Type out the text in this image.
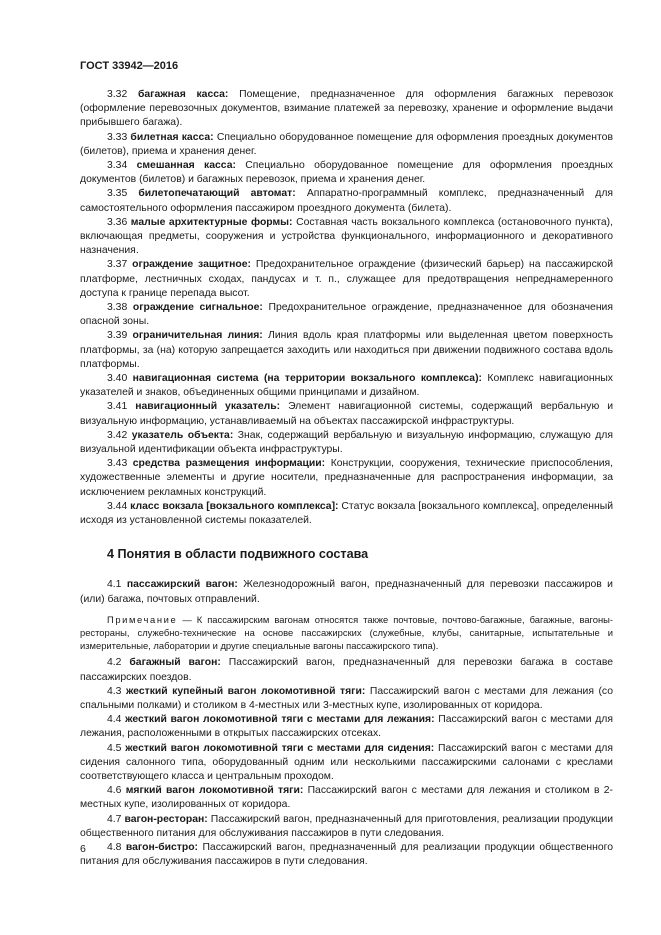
ГОСТ 33942—2016

3.32 багажная касса: Помещение, предназначенное для оформления багажных перевозок (оформление перевозочных документов, взимание платежей за перевозку, хранение и оформление выдачи прибывшего багажа).

3.33 билетная касса: Специально оборудованное помещение для оформления проездных документов (билетов), приема и хранения денег.

3.34 смешанная касса: Специально оборудованное помещение для оформления проездных документов (билетов) и багажных перевозок, приема и хранения денег.

3.35 билетопечатающий автомат: Аппаратно-программный комплекс, предназначенный для самостоятельного оформления пассажиром проездного документа (билета).

3.36 малые архитектурные формы: Составная часть вокзального комплекса (остановочного пункта), включающая предметы, сооружения и устройства функционального, информационного и декоративного назначения.

3.37 ограждение защитное: Предохранительное ограждение (физический барьер) на пассажирской платформе, лестничных сходах, пандусах и т. п., служащее для предотвращения непреднамеренного доступа к границе перепада высот.

3.38 ограждение сигнальное: Предохранительное ограждение, предназначенное для обозначения опасной зоны.

3.39 ограничительная линия: Линия вдоль края платформы или выделенная цветом поверхность платформы, за (на) которую запрещается заходить или находиться при движении подвижного состава вдоль платформы.

3.40 навигационная система (на территории вокзального комплекса): Комплекс навигационных указателей и знаков, объединенных общими принципами и дизайном.

3.41 навигационный указатель: Элемент навигационной системы, содержащий вербальную и визуальную информацию, устанавливаемый на объектах пассажирской инфраструктуры.

3.42 указатель объекта: Знак, содержащий вербальную и визуальную информацию, служащую для визуальной идентификации объекта инфраструктуры.

3.43 средства размещения информации: Конструкции, сооружения, технические приспособления, художественные элементы и другие носители, предназначенные для распространения информации, за исключением рекламных конструкций.

3.44 класс вокзала [вокзального комплекса]: Статус вокзала [вокзального комплекса], определенный исходя из установленной системы показателей.

4 Понятия в области подвижного состава

4.1 пассажирский вагон: Железнодорожный вагон, предназначенный для перевозки пассажиров и (или) багажа, почтовых отправлений.

Примечание — К пассажирским вагонам относятся также почтовые, почтово-багажные, багажные, вагоны-рестораны, служебно-технические на основе пассажирских (служебные, клубы, санитарные, испытательные и измерительные, лаборатории и другие специальные вагоны пассажирского типа).

4.2 багажный вагон: Пассажирский вагон, предназначенный для перевозки багажа в составе пассажирских поездов.

4.3 жесткий купейный вагон локомотивной тяги: Пассажирский вагон с местами для лежания (со спальными полками) и столиком в 4-местных или 3-местных купе, изолированных от коридора.

4.4 жесткий вагон локомотивной тяги с местами для лежания: Пассажирский вагон с местами для лежания, расположенными в открытых пассажирских отсеках.

4.5 жесткий вагон локомотивной тяги с местами для сидения: Пассажирский вагон с местами для сидения салонного типа, оборудованный одним или несколькими пассажирскими салонами с креслами соответствующего класса и центральным проходом.

4.6 мягкий вагон локомотивной тяги: Пассажирский вагон с местами для лежания и столиком в 2-местных купе, изолированных от коридора.

4.7 вагон-ресторан: Пассажирский вагон, предназначенный для приготовления, реализации продукции общественного питания для обслуживания пассажиров в пути следования.

4.8 вагон-бистро: Пассажирский вагон, предназначенный для реализации продукции общественного питания для обслуживания пассажиров в пути следования.

6
